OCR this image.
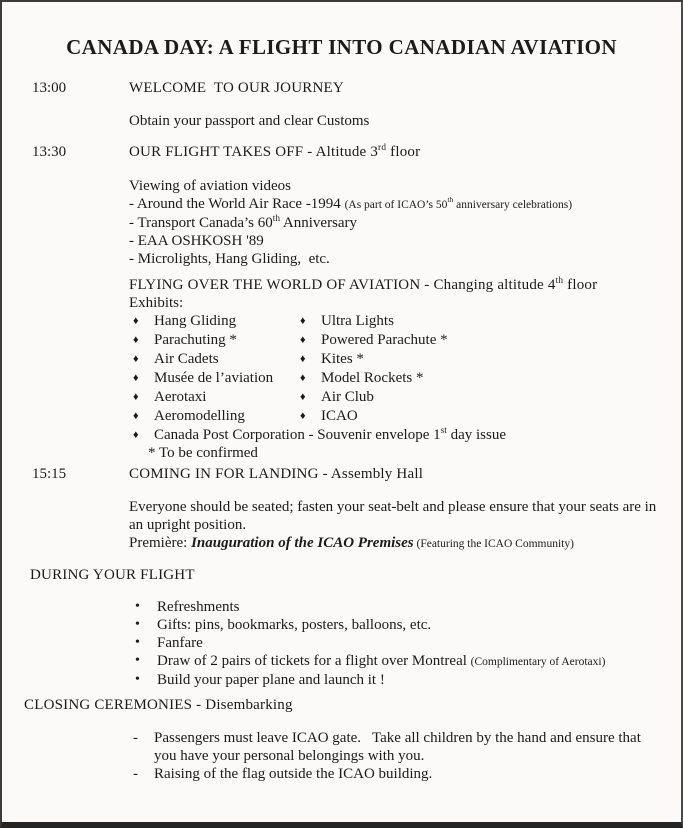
CANADA DAY: A FLIGHT INTO CANADIAN AVIATION
13:00	WELCOME  TO OUR JOURNEY
Obtain your passport and clear Customs
13:30	OUR FLIGHT TAKES OFF - Altitude 3rd floor
Viewing of aviation videos
- Around the World Air Race -1994 (As part of ICAO’s 50th anniversary celebrations)
- Transport Canada’s 60th Anniversary
- EAA OSHKOSH '89
- Microlights, Hang Gliding,  etc.
FLYING OVER THE WORLD OF AVIATION - Changing altitude 4th floor
Exhibits:
♦	Hang Gliding	♦	Ultra Lights
♦	Parachuting *	♦	Powered Parachute *
♦	Air Cadets	♦	Kites *
♦	Musée de l’aviation ♦	Model Rockets *
♦	Aerotaxi	♦	Air Club
♦	Aeromodelling	♦	ICAO
♦	Canada Post Corporation - Souvenir envelope 1st day issue
* To be confirmed
15:15	COMING IN FOR LANDING - Assembly Hall
Everyone should be seated; fasten your seat-belt and please ensure that your seats are in an upright position.
Première: Inauguration of the ICAO Premises (Featuring the ICAO Community)
DURING YOUR FLIGHT
•	Refreshments
•	Gifts: pins, bookmarks, posters, balloons, etc.
•	Fanfare
•	Draw of 2 pairs of tickets for a flight over Montreal (Complimentary of Aerotaxi)
•	Build your paper plane and launch it !
CLOSING CEREMONIES - Disembarking
-	Passengers must leave ICAO gate.   Take all children by the hand and ensure that you have your personal belongings with you.
-	Raising of the flag outside the ICAO building.
